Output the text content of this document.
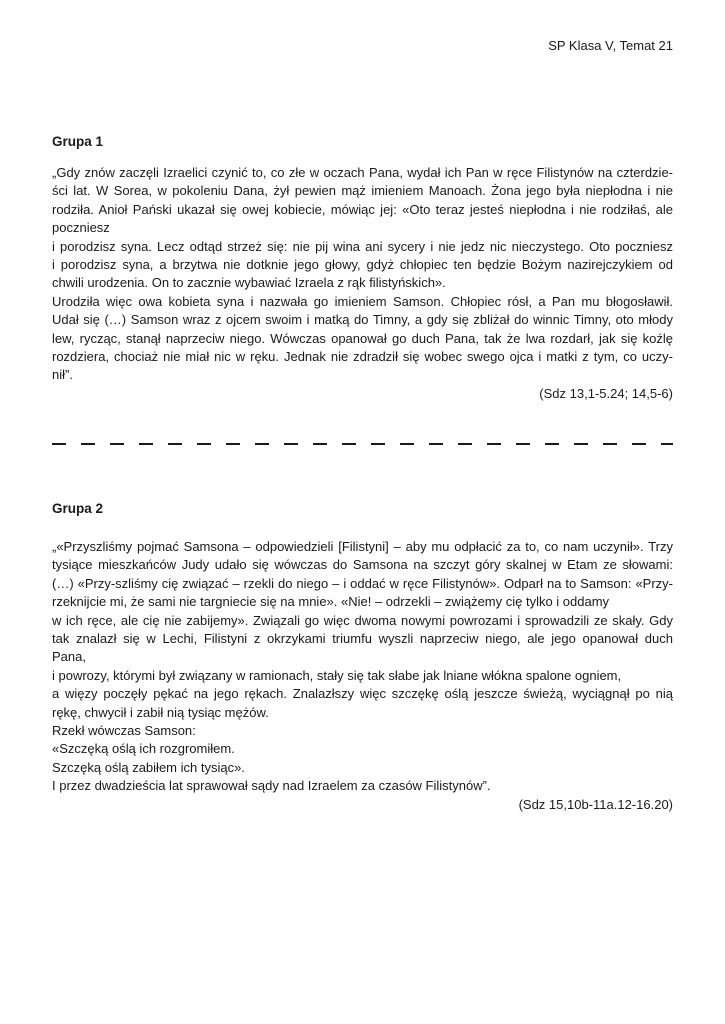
SP Klasa V, Temat 21
Grupa 1
„Gdy znów zaczęli Izraelici czynić to, co złe w oczach Pana, wydał ich Pan w ręce Filistynów na czterdzie-
ści lat. W Sorea, w pokoleniu Dana, żył pewien mąż imieniem Manoach. Żona jego była niepłodna i nie
rodziła. Anioł Pański ukazał się owej kobiecie, mówiąc jej: «Oto teraz jesteś niepłodna i nie rodziłaś, ale
poczniesz
i porodzisz syna. Lecz odtąd strzeż się: nie pij wina ani sycery i nie jedz nic nieczystego. Oto poczniesz
i porodzisz syna, a brzytwa nie dotknie jego głowy, gdyż chłopiec ten będzie Bożym nazirejczykiem od
chwili urodzenia. On to zacznie wybawiać Izraela z rąk filistyńskich».
Urodziła więc owa kobieta syna i nazwała go imieniem Samson. Chłopiec rósł, a Pan mu błogosławił.
Udał się (…) Samson wraz z ojcem swoim i matką do Timny, a gdy się zbliżał do winnic Timny, oto młody
lew, rycząc, stanął naprzeciw niego. Wówczas opanował go duch Pana, tak że lwa rozdarł, jak się koźlę
rozdziera, chociaż nie miał nic w ręku. Jednak nie zdradził się wobec swego ojca i matki z tym, co uczy-
nił”.
(Sdz 13,1-5.24; 14,5-6)
Grupa 2
„«Przyszliśmy pojmać Samsona – odpowiedzieli [Filistyni] – aby mu odpłacić za to, co nam uczynił». Trzy
tysiące mieszkańców Judy udało się wówczas do Samsona na szczyt góry skalnej w Etam ze słowami:
(…) «Przy-szliśmy cię związać – rzekli do niego – i oddać w ręce Filistynów». Odparł na to Samson: «Przy-
rzeknijcie mi, że sami nie targniecie się na mnie». «Nie! – odrzekli – zwiążemy cię tylko i oddamy
w ich ręce, ale cię nie zabijemy». Związali go więc dwoma nowymi powrozami i sprowadzili ze skały. Gdy
tak znalazł się w Lechi, Filistyni z okrzykami triumfu wyszli naprzeciw niego, ale jego opanował duch
Pana,
i powrozy, którymi był związany w ramionach, stały się tak słabe jak lniane włókna spalone ogniem,
a więzy poczęły pękać na jego rękach. Znalazłszy więc szczękę oślą jeszcze świeżą, wyciągnął po nią
rękę, chwycił i zabił nią tysiąc mężów.
Rzekł wówczas Samson:
«Szczęką oślą ich rozgromiłem.
Szczęką oślą zabiłem ich tysiąc».
I przez dwadzieścia lat sprawował sądy nad Izraelem za czasów Filistynów”.
(Sdz 15,10b-11a.12-16.20)
